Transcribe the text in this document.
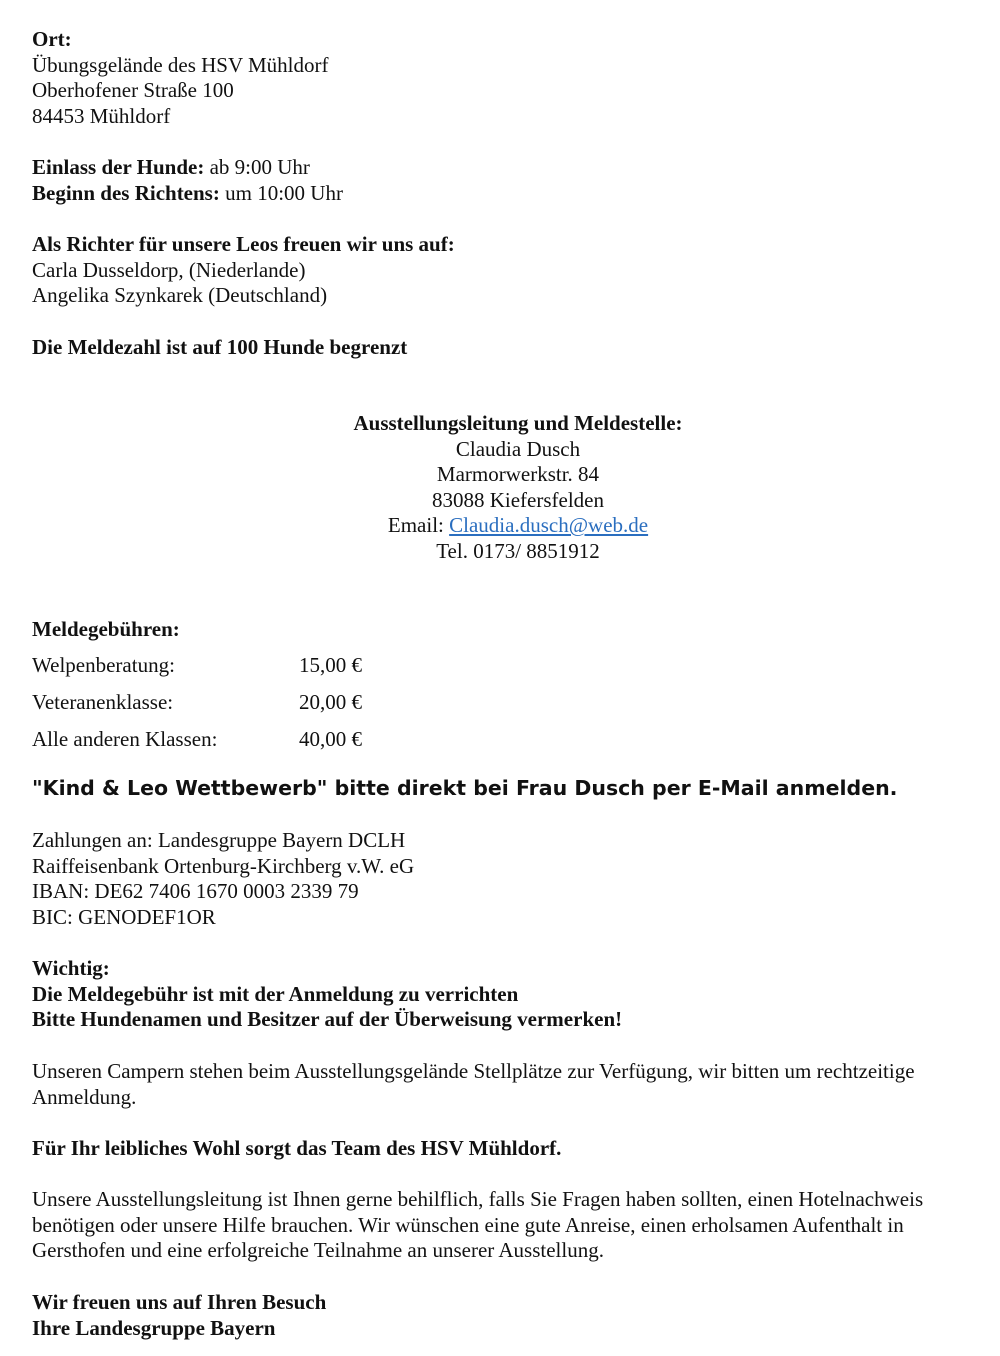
Ort:
Übungsgelände des HSV Mühldorf
Oberhofener Straße 100
84453 Mühldorf
Einlass der Hunde: ab 9:00 Uhr
Beginn des Richtens: um 10:00 Uhr
Als Richter für unsere Leos freuen wir uns auf:
Carla Dusseldorp, (Niederlande)
Angelika Szynkarek (Deutschland)
Die Meldezahl ist auf 100 Hunde begrenzt
Ausstellungsleitung und Meldestelle:
Claudia Dusch
Marmorwerkstr. 84
83088 Kiefersfelden
Email: Claudia.dusch@web.de
Tel. 0173/ 8851912
Meldegebühren:
Welpenberatung:	15,00 €
Veteranenklasse:	20,00 €
Alle anderen Klassen:	40,00 €
"Kind & Leo Wettbewerb" bitte direkt bei Frau Dusch per E-Mail anmelden.
Zahlungen an: Landesgruppe Bayern DCLH
Raiffeisenbank Ortenburg-Kirchberg v.W. eG
IBAN: DE62 7406 1670 0003 2339 79
BIC: GENODEF1OR
Wichtig:
Die Meldegebühr ist mit der Anmeldung zu verrichten
Bitte Hundenamen und Besitzer auf der Überweisung vermerken!
Unseren Campern stehen beim Ausstellungsgelände Stellplätze zur Verfügung, wir bitten um rechtzeitige Anmeldung.
Für Ihr leibliches Wohl sorgt das Team des HSV Mühldorf.
Unsere Ausstellungsleitung ist Ihnen gerne behilflich, falls Sie Fragen haben sollten, einen Hotelnachweis benötigen oder unsere Hilfe brauchen. Wir wünschen eine gute Anreise, einen erholsamen Aufenthalt in Gersthofen und eine erfolgreiche Teilnahme an unserer Ausstellung.
Wir freuen uns auf Ihren Besuch
Ihre Landesgruppe Bayern
